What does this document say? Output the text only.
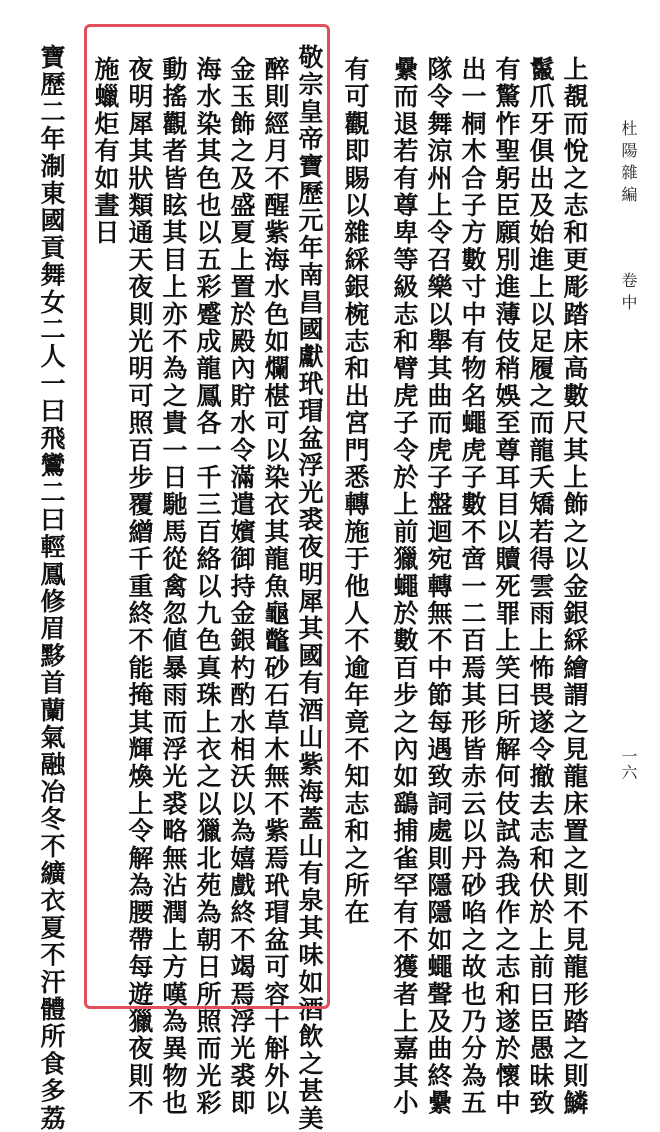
杜陽雜編
卷中
一六
上覩而悅之志和更彫踏床高數尺其上飾之以金銀綵繪謂之見龍床置之則不見龍形踏之則鱗
鬣爪牙俱出及始進上以足履之而龍夭矯若得雲雨上怖畏遂令撤去志和伏於上前曰臣愚昧致
有驚怍聖躬臣願別進薄伎稍娛至尊耳目以贖死罪上笑曰所解何伎試為我作之志和遂於懷中
出一桐木合子方數寸中有物名蠅虎子數不啻一二百焉其形皆赤云以丹砂啗之故也乃分為五
隊令舞涼州上令召樂以舉其曲而虎子盤迴宛轉無不中節每遇致詞處則隱隱如蠅聲及曲終纍
纍而退若有尊卑等級志和臂虎子令於上前獵蠅於數百步之內如鷂捕雀罕有不獲者上嘉其小
有可觀即賜以雜綵銀椀志和出宮門悉轉施于他人不逾年竟不知志和之所在
敬宗皇帝寶歷元年南昌國獻玳瑁盆浮光裘夜明犀其國有酒山紫海蓋山有泉其味如酒飲之甚美
醉則經月不醒紫海水色如爛椹可以染衣其龍魚龜鼈砂石草木無不紫焉玳瑁盆可容十斛外以
金玉飾之及盛夏上置於殿內貯水令滿遣嬪御持金銀杓酌水相沃以為嬉戲終不竭焉浮光裘即
海水染其色也以五彩蹙成龍鳳各一千三百絡以九色真珠上衣之以獵北苑為朝日所照而光彩
動搖觀者皆眩其目上亦不為之貴一日馳馬從禽忽値暴雨而浮光裘略無沾潤上方嘆為異物也
夜明犀其狀類通天夜則光明可照百步覆繒千重終不能掩其輝煥上令解為腰帶每遊獵夜則不
施蠟炬有如晝日
寶歷二年淛東國貢舞女二人一曰飛鸞二曰輕鳳修眉黟首蘭氣融冶冬不纊衣夏不汗體所食多荔
